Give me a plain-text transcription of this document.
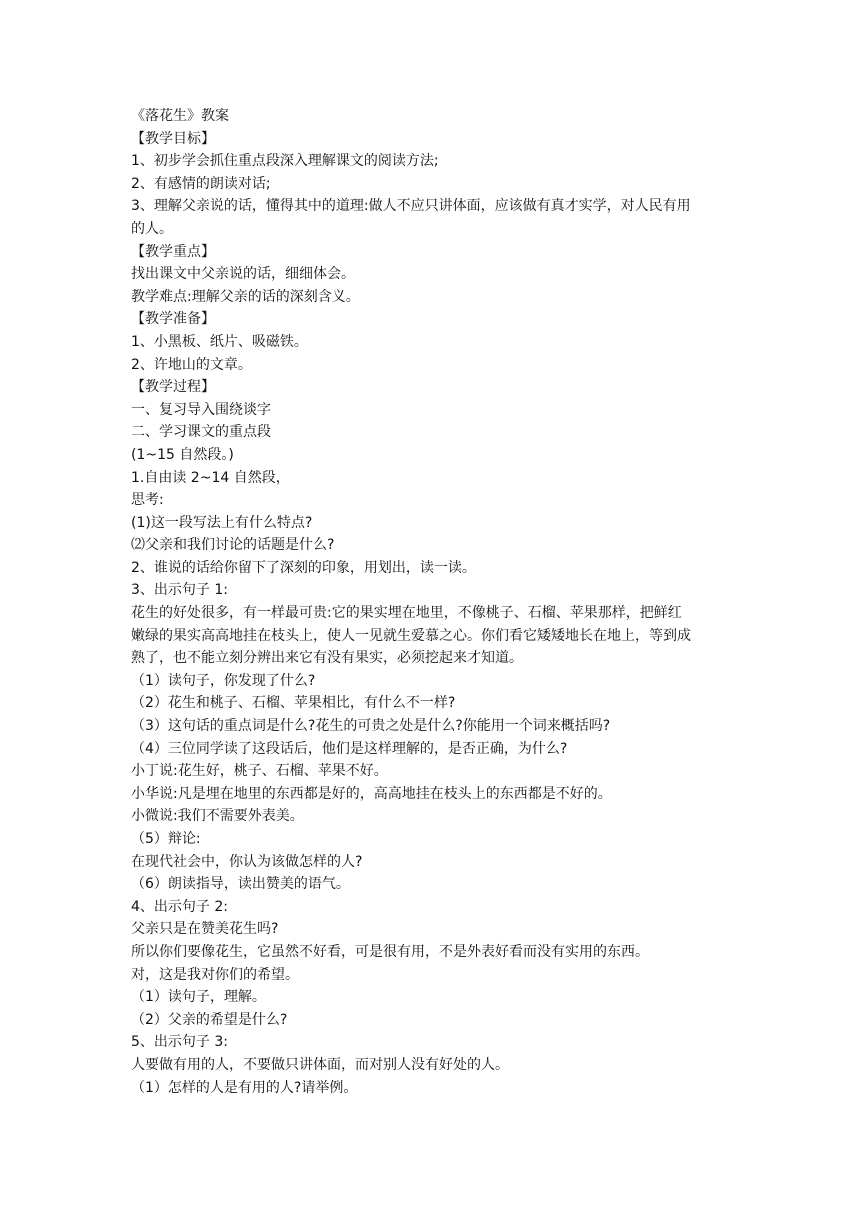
《落花生》教案
【教学目标】
1、初步学会抓住重点段深入理解课文的阅读方法;
2、有感情的朗读对话;
3、理解父亲说的话，懂得其中的道理:做人不应只讲体面，应该做有真才实学，对人民有用
的人。
【教学重点】
找出课文中父亲说的话，细细体会。
教学难点:理解父亲的话的深刻含义。
【教学准备】
1、小黑板、纸片、吸磁铁。
2、许地山的文章。
【教学过程】
一、复习导入围绕谈字
二、学习课文的重点段
(1~15 自然段。)
1.自由读 2~14 自然段，
思考:
(1)这一段写法上有什么特点?
⑵父亲和我们讨论的话题是什么?
2、谁说的话给你留下了深刻的印象，用划出，读一读。
3、出示句子 1:
花生的好处很多，有一样最可贵:它的果实埋在地里，不像桃子、石榴、苹果那样，把鲜红
嫩绿的果实高高地挂在枝头上，使人一见就生爱慕之心。你们看它矮矮地长在地上，等到成
熟了，也不能立刻分辨出来它有没有果实，必须挖起来才知道。
（1）读句子，你发现了什么?
（2）花生和桃子、石榴、苹果相比，有什么不一样?
（3）这句话的重点词是什么?花生的可贵之处是什么?你能用一个词来概括吗?
（4）三位同学读了这段话后，他们是这样理解的，是否正确，为什么?
小丁说:花生好，桃子、石榴、苹果不好。
小华说:凡是埋在地里的东西都是好的，高高地挂在枝头上的东西都是不好的。
小微说:我们不需要外表美。
（5）辩论:
在现代社会中，你认为该做怎样的人?
（6）朗读指导，读出赞美的语气。
4、出示句子 2:
父亲只是在赞美花生吗?
所以你们要像花生，它虽然不好看，可是很有用，不是外表好看而没有实用的东西。
对，这是我对你们的希望。
（1）读句子，理解。
（2）父亲的希望是什么?
5、出示句子 3:
人要做有用的人，不要做只讲体面，而对别人没有好处的人。
（1）怎样的人是有用的人?请举例。
